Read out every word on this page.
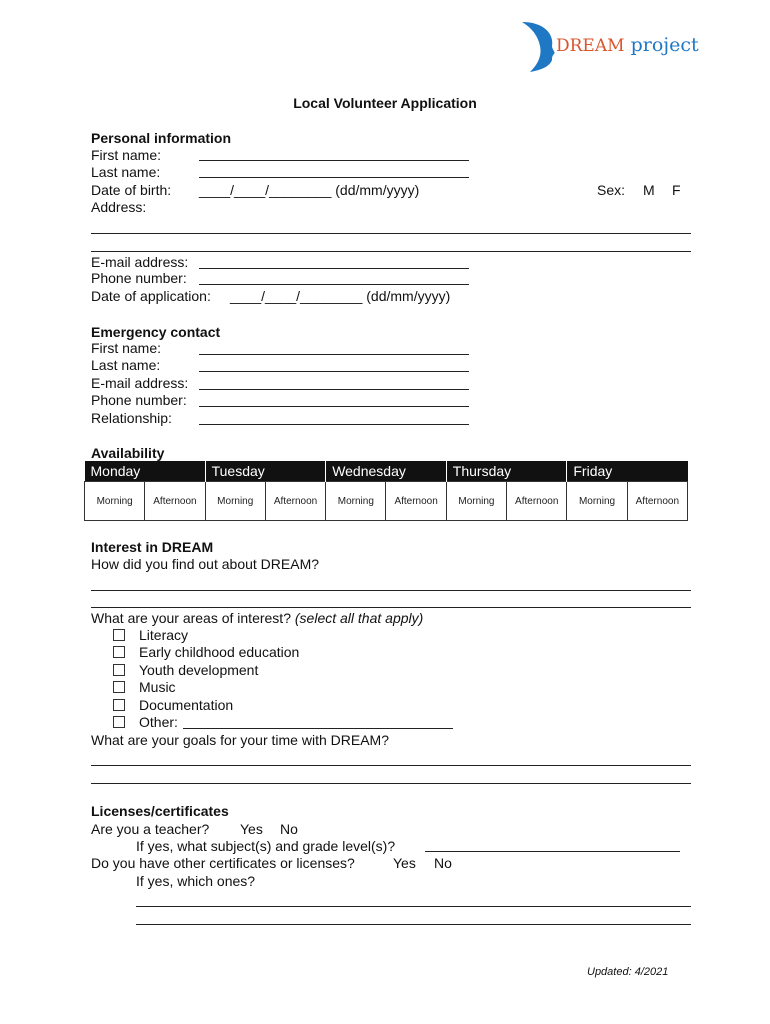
DREAM project
Local Volunteer Application
Personal information
First name:
Last name:
Date of birth: ____/____/________ (dd/mm/yyyy)	Sex: M F
Address:
E-mail address:
Phone number:
Date of application: ____/____/________ (dd/mm/yyyy)
Emergency contact
First name:
Last name:
E-mail address:
Phone number:
Relationship:
Availability
Monday		Tuesday		Wednesday		Thursday		Friday	
Morning	Afternoon	Morning	Afternoon	Morning	Afternoon	Morning	Afternoon	Morning	Afternoon
Interest in DREAM
How did you find out about DREAM?
What are your areas of interest? (select all that apply)
Literacy
Early childhood education
Youth development
Music
Documentation
Other:
What are your goals for your time with DREAM?
Licenses/certificates
Are you a teacher? Yes No
If yes, what subject(s) and grade level(s)?
Do you have other certificates or licenses?	Yes No
If yes, which ones?
Updated: 4/2021
